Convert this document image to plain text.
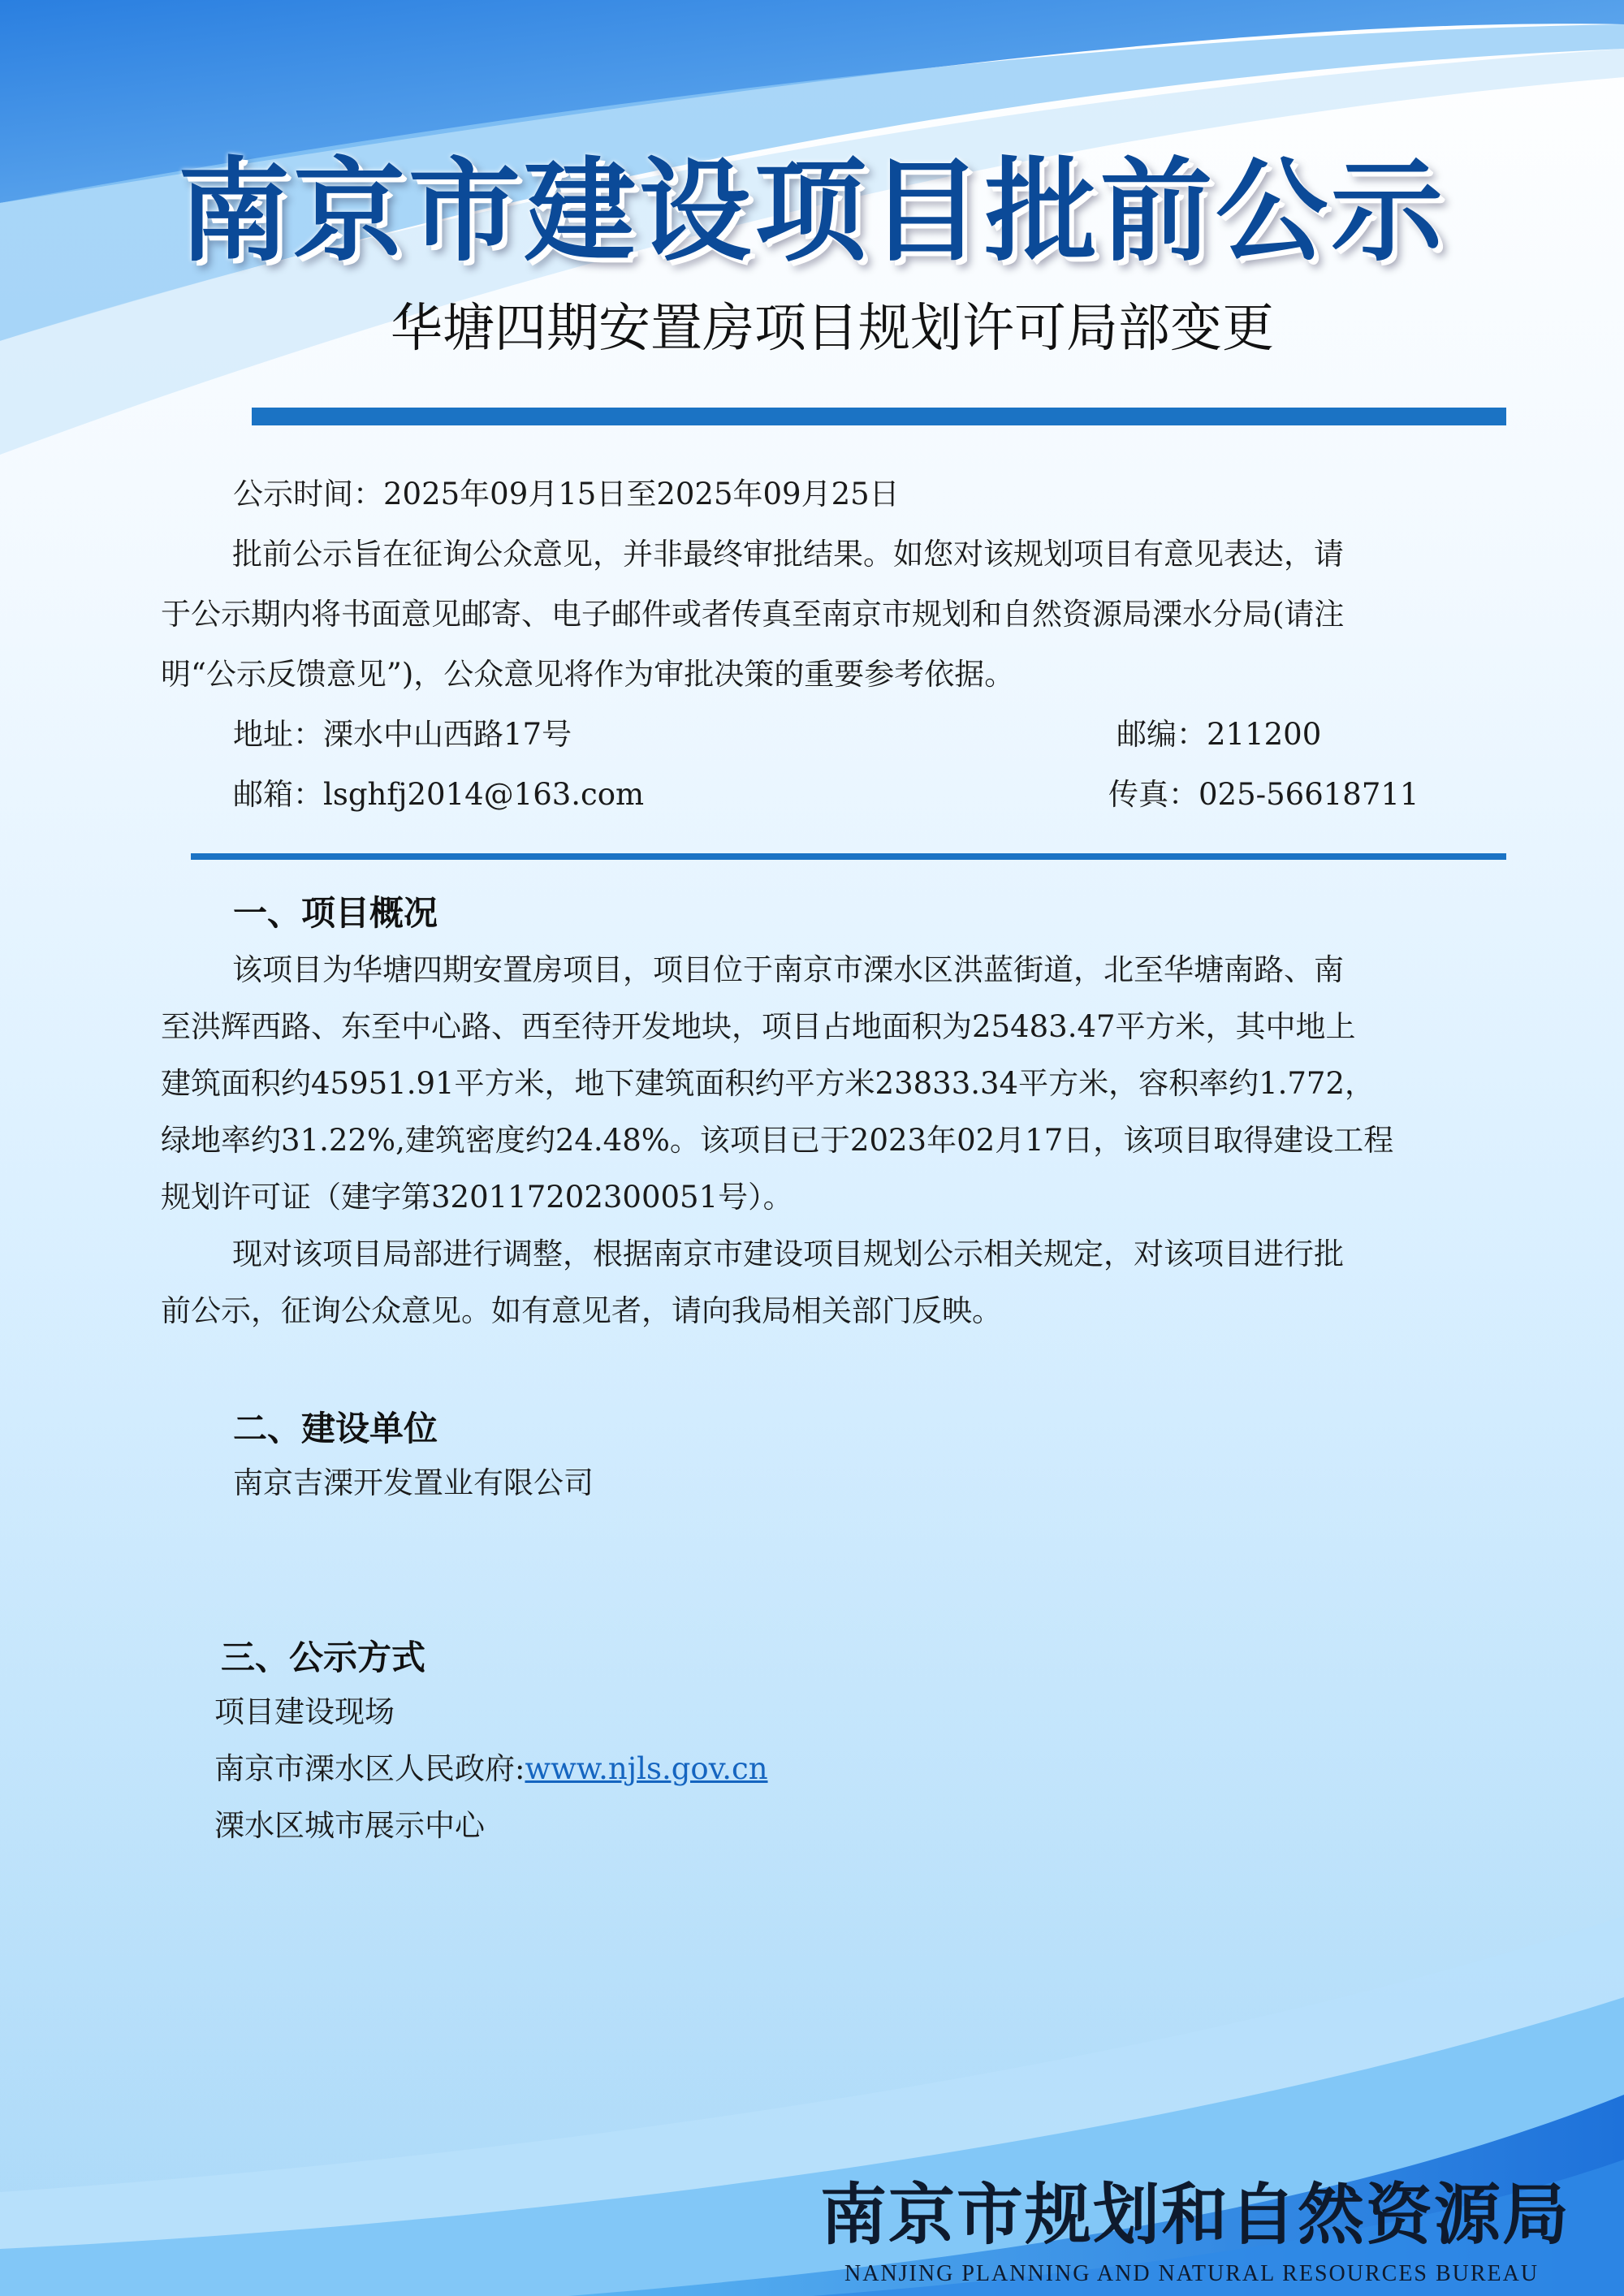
南京市建设项目批前公示
华塘四期安置房项目规划许可局部变更
公示时间：2025年09月15日至2025年09月25日
批前公示旨在征询公众意见，并非最终审批结果。如您对该规划项目有意见表达，请
于公示期内将书面意见邮寄、电子邮件或者传真至南京市规划和自然资源局溧水分局(请注
明“公示反馈意见”)，公众意见将作为审批决策的重要参考依据。
地址：溧水中山西路17号	邮编：211200
邮箱：lsghfj2014@163.com	传真：025-56618711
一、项目概况
该项目为华塘四期安置房项目，项目位于南京市溧水区洪蓝街道，北至华塘南路、南
至洪辉西路、东至中心路、西至待开发地块，项目占地面积为25483.47平方米，其中地上
建筑面积约45951.91平方米，地下建筑面积约平方米23833.34平方米，容积率约1.772，
绿地率约31.22%,建筑密度约24.48%。该项目已于2023年02月17日，该项目取得建设工程
规划许可证（建字第320117202300051号）。
现对该项目局部进行调整，根据南京市建设项目规划公示相关规定，对该项目进行批
前公示，征询公众意见。如有意见者，请向我局相关部门反映。
二、建设单位
南京吉溧开发置业有限公司
三、公示方式
项目建设现场
南京市溧水区人民政府:www.njls.gov.cn
溧水区城市展示中心
南京市规划和自然资源局
NANJING PLANNING AND NATURAL RESOURCES BUREAU
